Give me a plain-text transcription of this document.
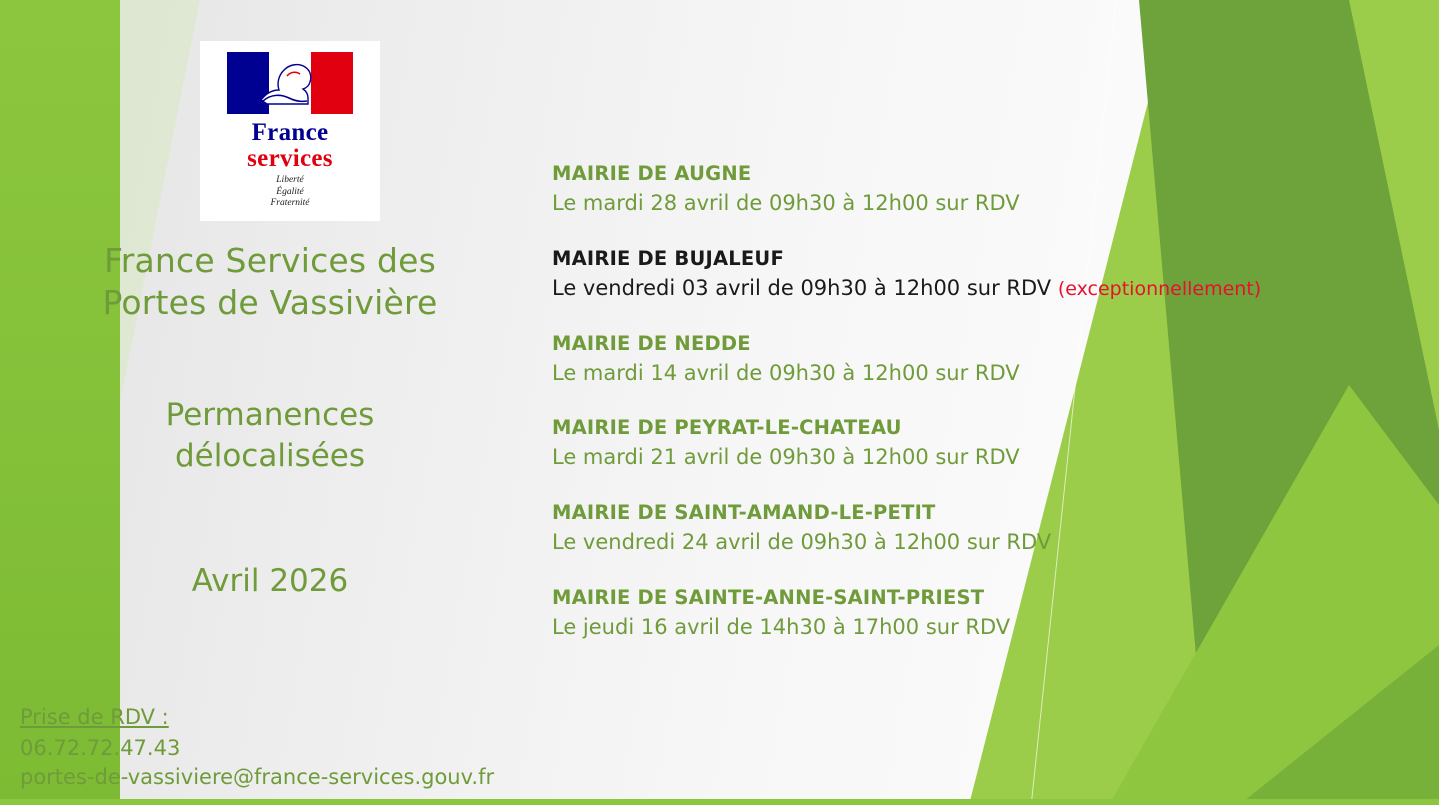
France
services
Liberté
Égalité
Fraternité
France Services des
Portes de Vassivière
Permanences
délocalisées
Avril 2026
Prise de RDV :
06.72.72.47.43
portes-de-vassiviere@france-services.gouv.fr
MAIRIE DE AUGNE
Le mardi 28 avril de 09h30 à 12h00 sur RDV
MAIRIE DE BUJALEUF
Le vendredi 03 avril de 09h30 à 12h00 sur RDV (exceptionnellement)
MAIRIE DE NEDDE
Le mardi 14 avril de 09h30 à 12h00 sur RDV
MAIRIE DE PEYRAT-LE-CHATEAU
Le mardi 21 avril de 09h30 à 12h00 sur RDV
MAIRIE DE SAINT-AMAND-LE-PETIT
Le vendredi 24 avril de 09h30 à 12h00 sur RDV
MAIRIE DE SAINTE-ANNE-SAINT-PRIEST
Le jeudi 16 avril de 14h30 à 17h00 sur RDV
